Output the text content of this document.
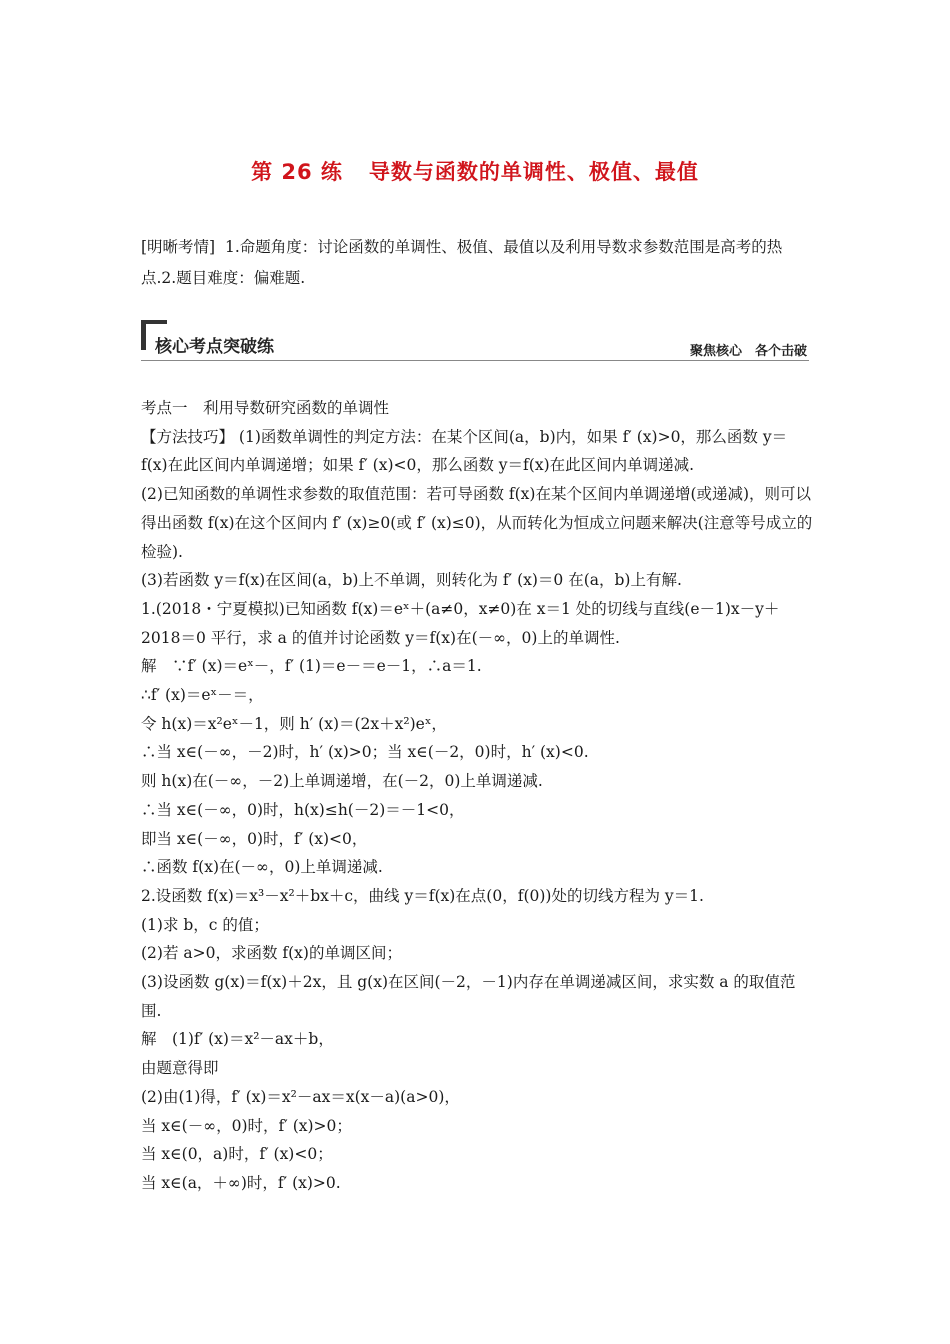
第 26 练 导数与函数的单调性、极值、最值
[明晰考情] 1.命题角度：讨论函数的单调性、极值、最值以及利用导数求参数范围是高考的热点.2.题目难度：偏难题.
核心考点突破练	聚焦核心　各个击破

考点一　利用导数研究函数的单调性

【方法技巧】 (1)函数单调性的判定方法：在某个区间(a，b)内，如果 f′ (x)>0，那么函数 y＝f(x)在此区间内单调递增；如果 f′ (x)<0，那么函数 y＝f(x)在此区间内单调递减.

(2)已知函数的单调性求参数的取值范围：若可导函数 f(x)在某个区间内单调递增(或递减)，则可以得出函数 f(x)在这个区间内 f′ (x)≥0(或 f′ (x)≤0)，从而转化为恒成立问题来解决(注意等号成立的检验).

(3)若函数 y＝f(x)在区间(a，b)上不单调，则转化为 f′ (x)＝0 在(a，b)上有解.

1.(2018・宁夏模拟)已知函数 f(x)＝eˣ＋(a≠0，x≠0)在 x＝1 处的切线与直线(e－1)x－y＋2018＝0 平行，求 a 的值并讨论函数 y＝f(x)在(－∞，0)上的单调性.

解　∵f′ (x)＝eˣ－，f′ (1)＝e－＝e－1，∴a＝1.

∴f′ (x)＝eˣ－＝，

令 h(x)＝x²eˣ－1，则 h′ (x)＝(2x＋x²)eˣ，

∴当 x∈(－∞，－2)时，h′ (x)>0；当 x∈(－2，0)时，h′ (x)<0.

则 h(x)在(－∞，－2)上单调递增，在(－2，0)上单调递减.

∴当 x∈(－∞，0)时，h(x)≤h(－2)＝－1<0，

即当 x∈(－∞，0)时，f′ (x)<0，

∴函数 f(x)在(－∞，0)上单调递减.

2.设函数 f(x)＝x³－x²＋bx＋c，曲线 y＝f(x)在点(0，f(0))处的切线方程为 y＝1.

(1)求 b，c 的值；

(2)若 a>0，求函数 f(x)的单调区间；

(3)设函数 g(x)＝f(x)＋2x，且 g(x)在区间(－2，－1)内存在单调递减区间，求实数 a 的取值范围.

解　(1)f′ (x)＝x²－ax＋b，

由题意得即

(2)由(1)得，f′ (x)＝x²－ax＝x(x－a)(a>0)，

当 x∈(－∞，0)时，f′ (x)>0；

当 x∈(0，a)时，f′ (x)<0；

当 x∈(a，＋∞)时，f′ (x)>0.
